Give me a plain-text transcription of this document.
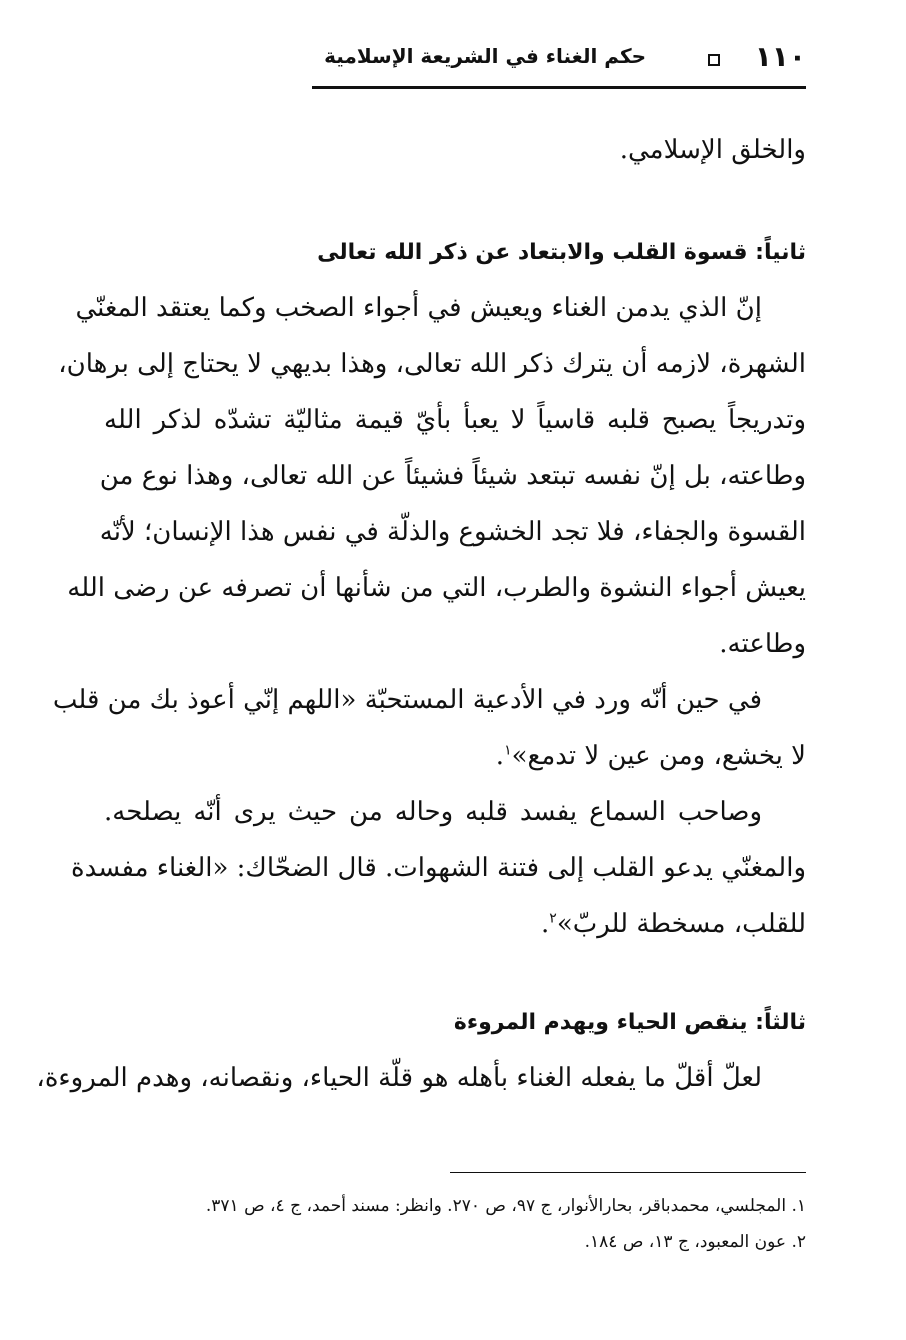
١١٠
حكم الغناء في الشريعة الإسلامية
والخلق الإسلامي.
ثانياً: قسوة القلب والابتعاد عن ذكر الله تعالى
إنّ الذي يدمن الغناء ويعيش في أجواء الصخب وكما يعتقد المغنّي
الشهرة، لازمه أن يترك ذكر الله تعالى، وهذا بديهي لا يحتاج إلى برهان،
وتدريجاً يصبح قلبه قاسياً لا يعبأ بأيّ قيمة مثاليّة تشدّه لذكر الله
وطاعته، بل إنّ نفسه تبتعد شيئاً فشيئاً عن الله تعالى، وهذا نوع من
القسوة والجفاء، فلا تجد الخشوع والذلّة في نفس هذا الإنسان؛ لأنّه
يعيش أجواء النشوة والطرب، التي من شأنها أن تصرفه عن رضى الله
وطاعته.
في حين أنّه ورد في الأدعية المستحبّة «اللهم إنّي أعوذ بك من قلب
لا يخشع، ومن عين لا تدمع»$^١$.
وصاحب السماع يفسد قلبه وحاله من حيث يرى أنّه يصلحه.
والمغنّي يدعو القلب إلى فتنة الشهوات. قال الضحّاك: «الغناء مفسدة
للقلب، مسخطة للربّ»$^٢$.
ثالثاً: ينقص الحياء ويهدم المروءة
لعلّ أقلّ ما يفعله الغناء بأهله هو قلّة الحياء، ونقصانه، وهدم المروءة،
١. المجلسي، محمدباقر، بحارالأنوار، ج ٩٧، ص ٢٧٠. وانظر: مسند أحمد، ج ٤، ص ٣٧١.
٢. عون المعبود، ج ١٣، ص ١٨٤.
